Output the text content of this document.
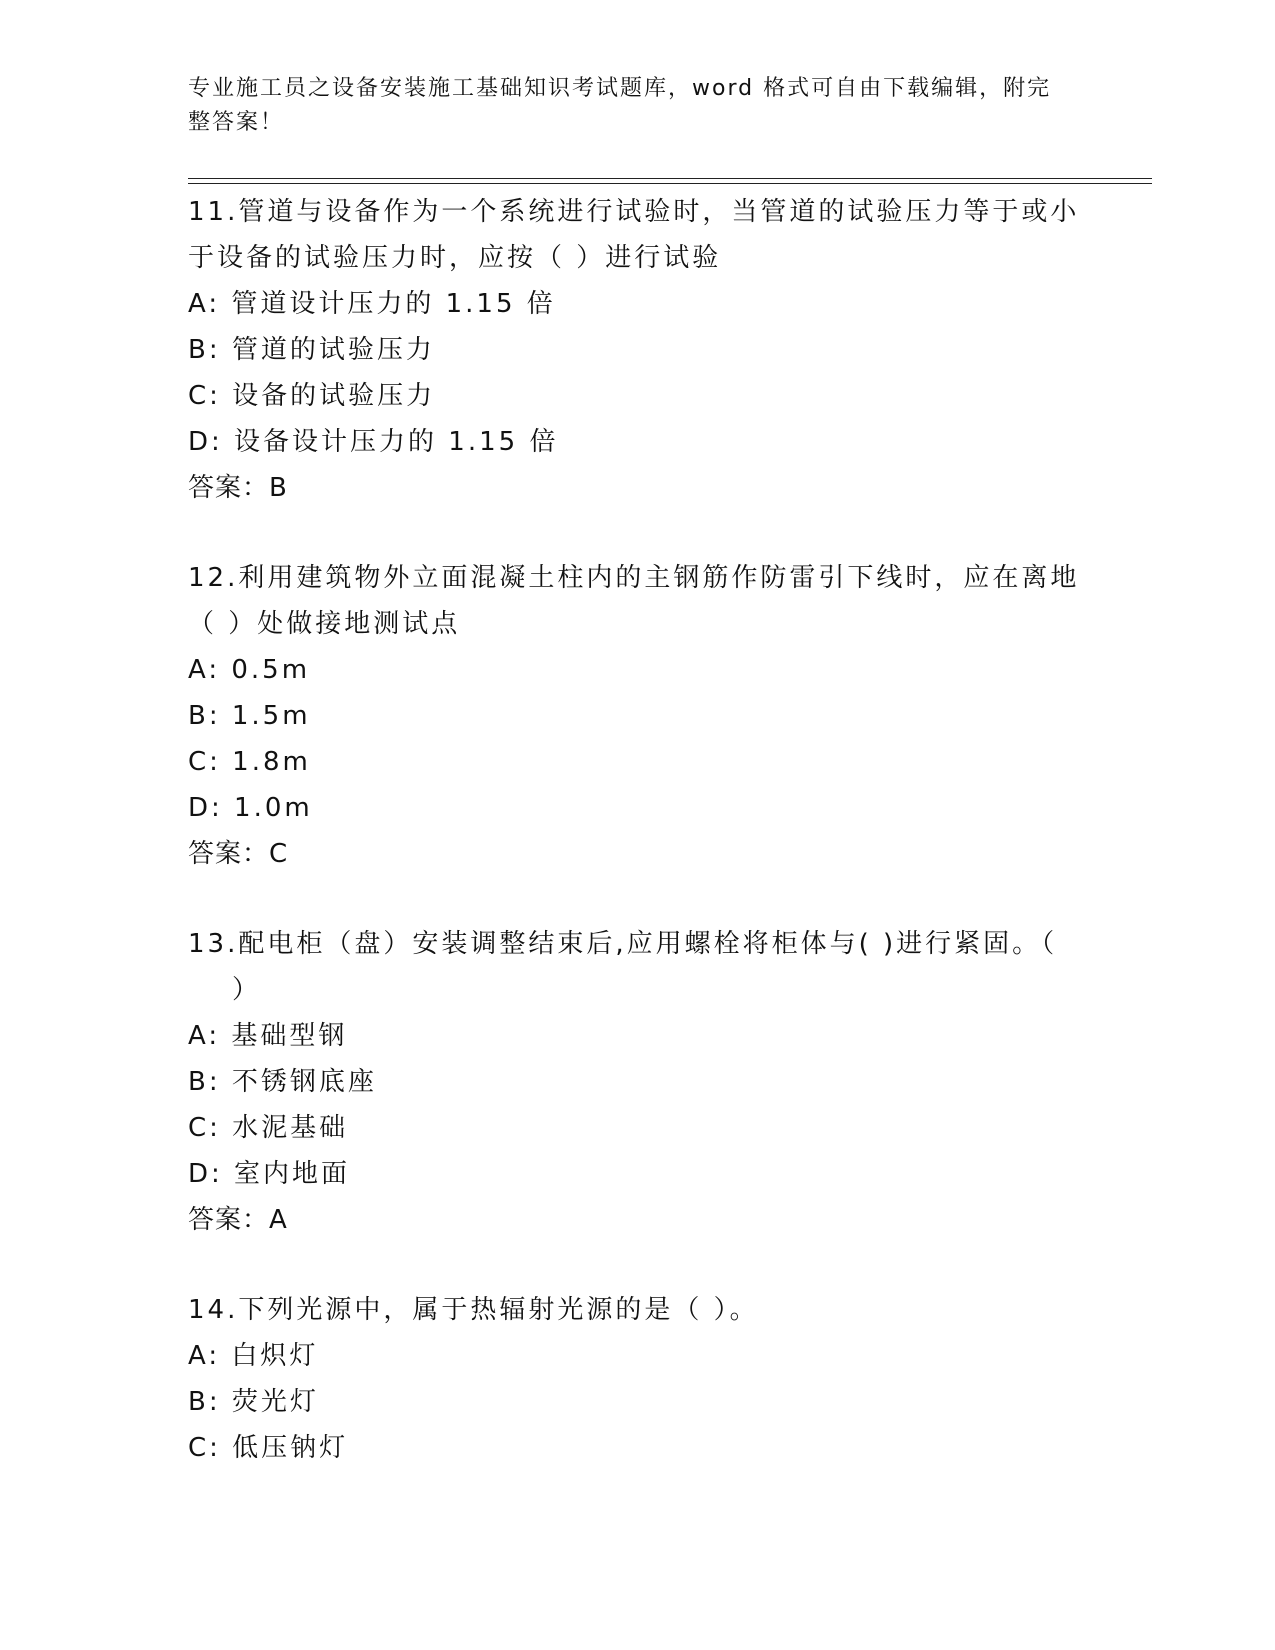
专业施工员之设备安装施工基础知识考试题库，word 格式可自由下载编辑，附完整答案！
11.管道与设备作为一个系统进行试验时，当管道的试验压力等于或小
于设备的试验压力时，应按（ ）进行试验
A: 管道设计压力的 1.15 倍
B: 管道的试验压力
C: 设备的试验压力
D: 设备设计压力的 1.15 倍
答案：B
12.利用建筑物外立面混凝土柱内的主钢筋作防雷引下线时，应在离地
（ ）处做接地测试点
A: 0.5m
B: 1.5m
C: 1.8m
D: 1.0m
答案：C
13.配电柜（盘）安装调整结束后,应用螺栓将柜体与( )进行紧固。（
）
A: 基础型钢
B: 不锈钢底座
C: 水泥基础
D: 室内地面
答案：A
14.下列光源中，属于热辐射光源的是（ ）。
A: 白炽灯
B: 荧光灯
C: 低压钠灯
